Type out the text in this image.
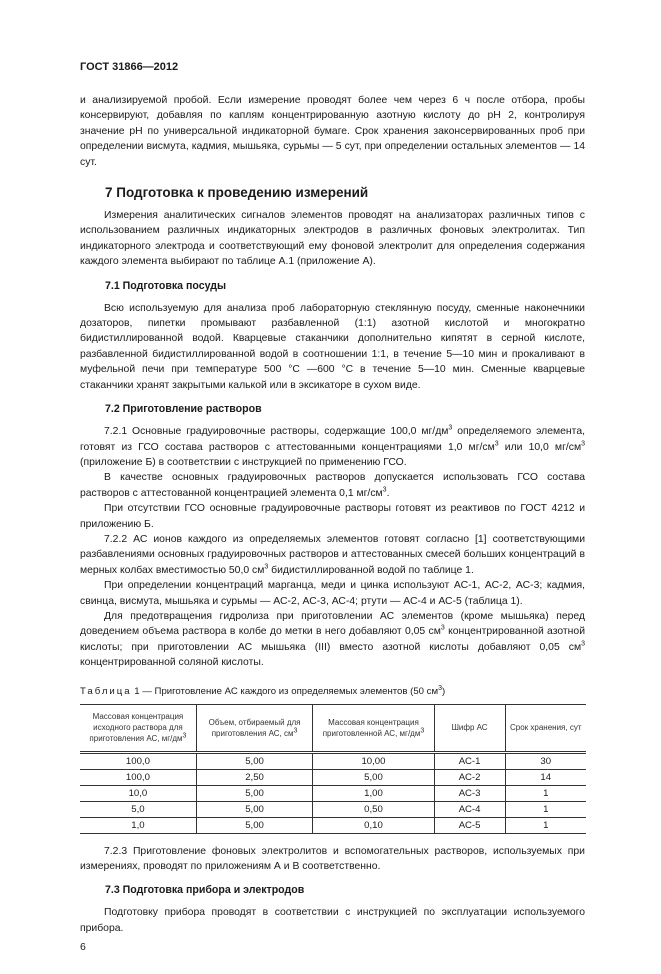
ГОСТ 31866—2012

и анализируемой пробой. Если измерение проводят более чем через 6 ч после отбора, пробы консервируют, добавляя по каплям концентрированную азотную кислоту до рН 2, контролируя значение рН по универсальной индикаторной бумаге. Срок хранения законсервированных проб при определении висмута, кадмия, мышьяка, сурьмы — 5 сут, при определении остальных элементов — 14 сут.

7 Подготовка к проведению измерений

Измерения аналитических сигналов элементов проводят на анализаторах различных типов с использованием различных индикаторных электродов в различных фоновых электролитах. Тип индикаторного электрода и соответствующий ему фоновой электролит для определения содержания каждого элемента выбирают по таблице А.1 (приложение А).

7.1 Подготовка посуды

Всю используемую для анализа проб лабораторную стеклянную посуду, сменные наконечники дозаторов, пипетки промывают разбавленной (1:1) азотной кислотой и многократно бидистиллированной водой. Кварцевые стаканчики дополнительно кипятят в серной кислоте, разбавленной бидистиллированной водой в соотношении 1:1, в течение 5—10 мин и прокаливают в муфельной печи при температуре 500 °С —600 °С в течение 5—10 мин. Сменные кварцевые стаканчики хранят закрытыми калькой или в эксикаторе в сухом виде.

7.2 Приготовление растворов

7.2.1 Основные градуировочные растворы, содержащие 100,0 $мг/дм^3$ определяемого элемента, готовят из ГСО состава растворов с аттестованными концентрациями 1,0 $мг/см^3$ или 10,0 $мг/см^3$ (приложение Б) в соответствии с инструкцией по применению ГСО.

В качестве основных градуировочных растворов допускается использовать ГСО состава растворов с аттестованной концентрацией элемента 0,1 $мг/см^3$.

При отсутствии ГСО основные градуировочные растворы готовят из реактивов по ГОСТ 4212 и приложению Б.

7.2.2 АС ионов каждого из определяемых элементов готовят согласно [1] соответствующими разбавлениями основных градуировочных растворов и аттестованных смесей больших концентраций в мерных колбах вместимостью 50,0 $см^3$ бидистиллированной водой по таблице 1.

При определении концентраций марганца, меди и цинка используют АС-1, АС-2, АС-3; кадмия, свинца, висмута, мышьяка и сурьмы — АС-2, АС-3, АС-4; ртути — АС-4 и АС-5 (таблица 1).

Для предотвращения гидролиза при приготовлении АС элементов (кроме мышьяка) перед доведением объема раствора в колбе до метки в него добавляют 0,05 $см^3$ концентрированной азотной кислоты; при приготовлении АС мышьяка (III) вместо азотной кислоты добавляют 0,05 $см^3$ концентрированной соляной кислоты.

Таблица 1 — Приготовление АС каждого из определяемых элементов (50 $см^3$)
Массовая концентрация исходного раствора для приготовления АС, $мг/дм^3$	Объем, отбираемый для приготовления АС, $см^3$	Массовая концентрация приготовленной АС, $мг/дм^3$	Шифр АС	Срок хранения, сут
100,0	5,00	10,00	АС-1	30
100,0	2,50	5,00	АС-2	14
10,0	5,00	1,00	АС-3	1
5,0	5,00	0,50	АС-4	1
1,0	5,00	0,10	АС-5	1

7.2.3 Приготовление фоновых электролитов и вспомогательных растворов, используемых при измерениях, проводят по приложениям А и В соответственно.

7.3 Подготовка прибора и электродов

Подготовку прибора проводят в соответствии с инструкцией по эксплуатации используемого прибора.

6
